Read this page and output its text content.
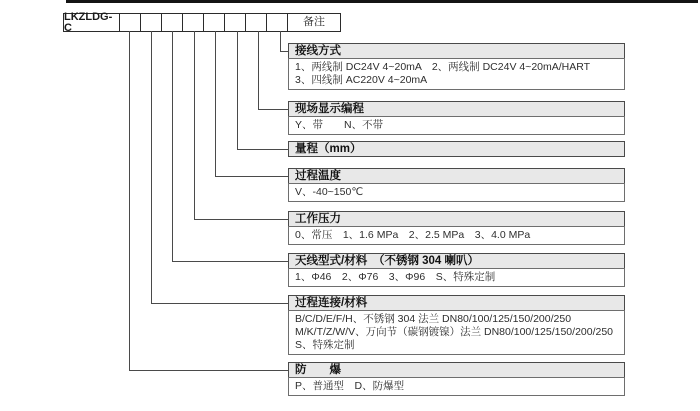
LKZLDG-C	备注
接线方式
1、两线制 DC24V 4~20mA　2、两线制 DC24V 4~20mA/HART
3、四线制 AC220V 4~20mA
现场显示编程
Y、带　　N、不带
量程（mm）
过程温度
V、-40~150℃
工作压力
0、常压　1、1.6 MPa　2、2.5 MPa　3、4.0 MPa
天线型式/材料　（不锈钢 304 喇叭）
1、Φ46　2、Φ76　3、Φ96　S、特殊定制
过程连接/材料
B/C/D/E/F/H、不锈钢 304 法兰 DN80/100/125/150/200/250
M/K/T/Z/W/V、万向节（碳钢镀镍）法兰 DN80/100/125/150/200/250
S、特殊定制
防　　爆
P、普通型　D、防爆型
